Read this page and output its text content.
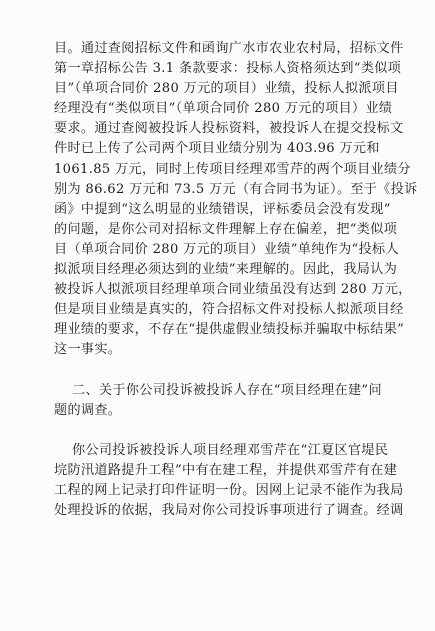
目。通过查阅招标文件和函询广水市农业农村局，招标文件
第一章招标公告 3.1 条款要求：投标人资格须达到“类似项
目”（单项合同价 280 万元的项目）业绩，投标人拟派项目
经理没有“类似项目”（单项合同价 280 万元的项目）业绩
要求。通过查阅被投诉人投标资料，被投诉人在提交投标文
件时已上传了公司两个项目业绩分别为 403.96 万元和
1061.85 万元，同时上传项目经理邓雪芹的两个项目业绩分
别为 86.62 万元和 73.5 万元（有合同书为证）。至于《投诉
函》中提到“这么明显的业绩错误，评标委员会没有发现”
的问题，是你公司对招标文件理解上存在偏差，把“类似项
目（单项合同价 280 万元的项目）业绩”单纯作为“投标人
拟派项目经理必须达到的业绩”来理解的。因此，我局认为
被投诉人拟派项目经理单项合同业绩虽没有达到 280 万元，
但是项目业绩是真实的，符合招标文件对投标人拟派项目经
理业绩的要求，不存在“提供虚假业绩投标并骗取中标结果”
这一事实。
二、关于你公司投诉被投诉人存在“项目经理在建”问
题的调查。
你公司投诉被投诉人项目经理邓雪芹在“江夏区官堤民
垸防汛道路提升工程”中有在建工程，并提供邓雪芹有在建
工程的网上记录打印件证明一份。因网上记录不能作为我局
处理投诉的依据，我局对你公司投诉事项进行了调查。经调
